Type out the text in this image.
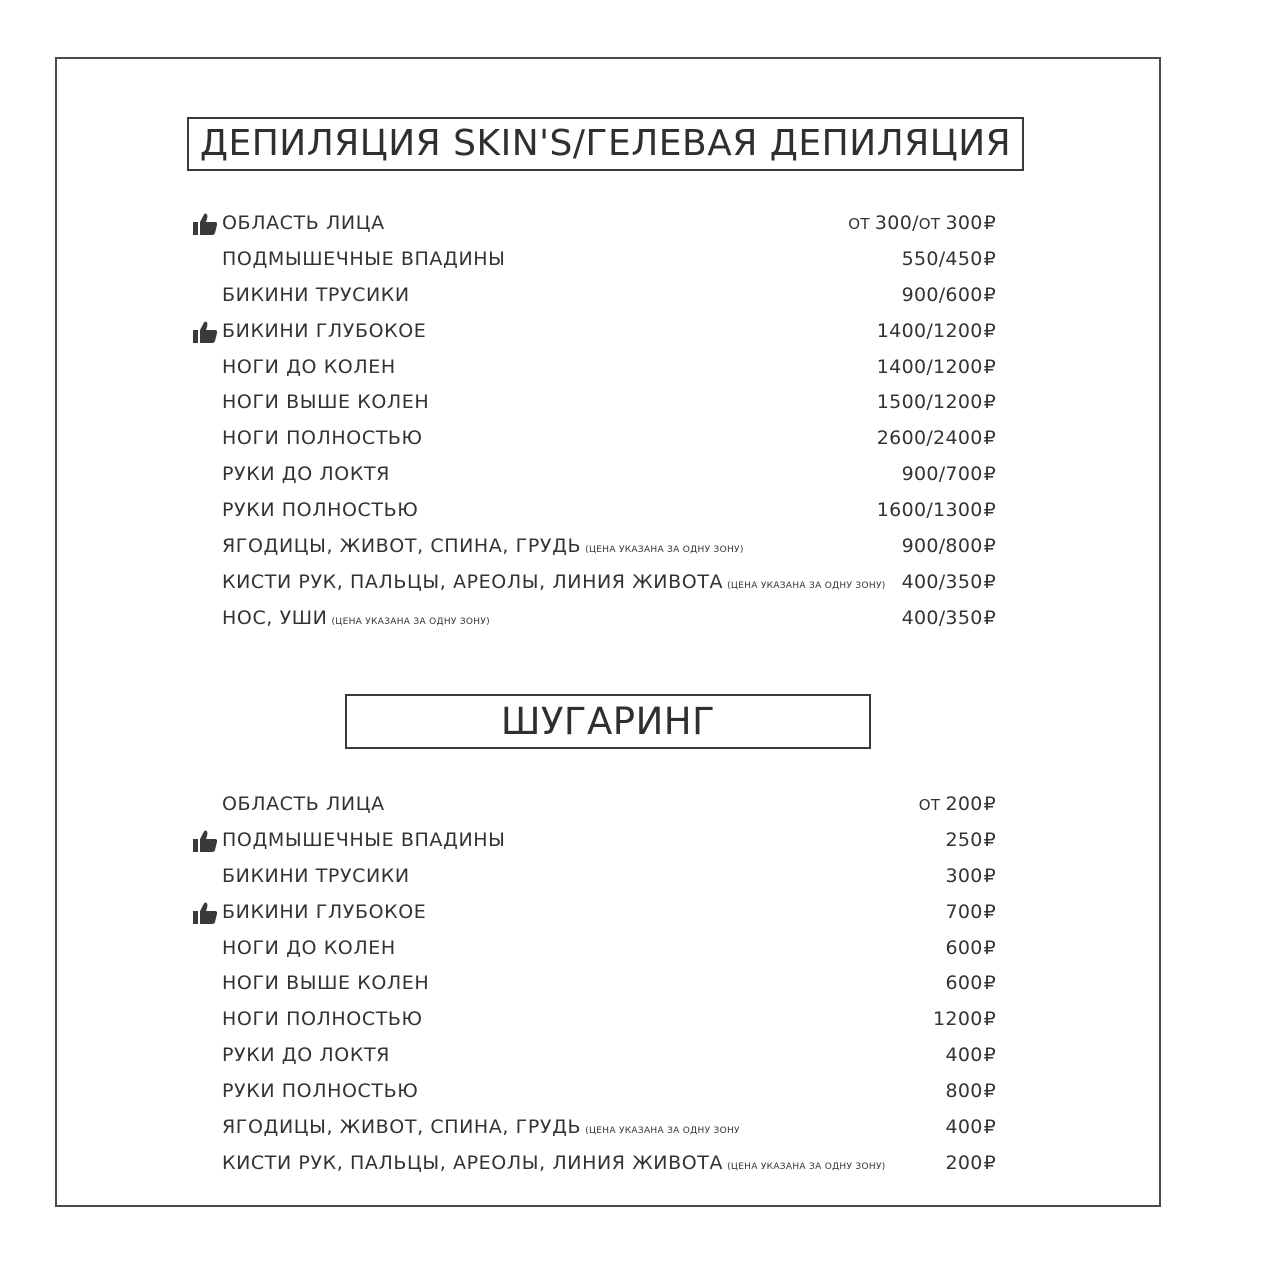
ДЕПИЛЯЦИЯ SKIN'S/ГЕЛЕВАЯ ДЕПИЛЯЦИЯ
ОБЛАСТЬ ЛИЦА	ОТ 300/ОТ 300₽
ПОДМЫШЕЧНЫЕ ВПАДИНЫ	550/450₽
БИКИНИ ТРУСИКИ	900/600₽
БИКИНИ ГЛУБОКОЕ	1400/1200₽
НОГИ ДО КОЛЕН	1400/1200₽
НОГИ ВЫШЕ КОЛЕН	1500/1200₽
НОГИ ПОЛНОСТЬЮ	2600/2400₽
РУКИ ДО ЛОКТЯ	900/700₽
РУКИ ПОЛНОСТЬЮ	1600/1300₽
ЯГОДИЦЫ, ЖИВОТ, СПИНА, ГРУДЬ (ЦЕНА УКАЗАНА ЗА ОДНУ ЗОНУ)	900/800₽
КИСТИ РУК, ПАЛЬЦЫ, АРЕОЛЫ, ЛИНИЯ ЖИВОТА (ЦЕНА УКАЗАНА ЗА ОДНУ ЗОНУ) 400/350₽
НОС, УШИ (ЦЕНА УКАЗАНА ЗА ОДНУ ЗОНУ)	400/350₽
ШУГАРИНГ
ОБЛАСТЬ ЛИЦА	ОТ 200₽
ПОДМЫШЕЧНЫЕ ВПАДИНЫ	250₽
БИКИНИ ТРУСИКИ	300₽
БИКИНИ ГЛУБОКОЕ	700₽
НОГИ ДО КОЛЕН	600₽
НОГИ ВЫШЕ КОЛЕН	600₽
НОГИ ПОЛНОСТЬЮ	1200₽
РУКИ ДО ЛОКТЯ	400₽
РУКИ ПОЛНОСТЬЮ	800₽
ЯГОДИЦЫ, ЖИВОТ, СПИНА, ГРУДЬ (ЦЕНА УКАЗАНА ЗА ОДНУ ЗОНУ	400₽
КИСТИ РУК, ПАЛЬЦЫ, АРЕОЛЫ, ЛИНИЯ ЖИВОТА (ЦЕНА УКАЗАНА ЗА ОДНУ ЗОНУ)	200₽
